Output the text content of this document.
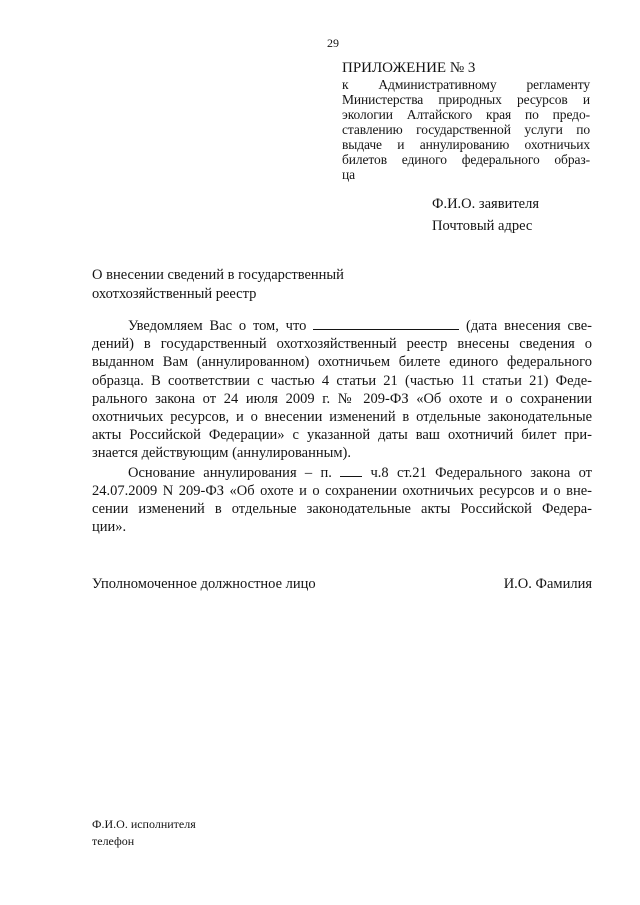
29
ПРИЛОЖЕНИЕ № 3
к Административному регламенту
Министерства природных ресурсов и
экологии Алтайского края по предо-
ставлению государственной услуги по
выдаче и аннулированию охотничьих
билетов единого федерального образ-
ца
Ф.И.О. заявителя
Почтовый адрес
О внесении сведений в государственный
охотхозяйственный реестр
Уведомляем Вас о том, что	(дата внесения све-
дений) в государственный охотхозяйственный реестр внесены сведения о
выданном Вам (аннулированном) охотничьем билете единого федерального
образца. В соответствии с частью 4 статьи 21 (частью 11 статьи 21) Феде-
рального закона от 24 июля 2009 г. № 209-ФЗ «Об охоте и о сохранении
охотничьих ресурсов, и о внесении изменений в отдельные законодательные
акты Российской Федерации» с указанной даты ваш охотничий билет при-
знается действующим (аннулированным).
Основание аннулирования – п.	ч.8 ст.21 Федерального закона от
24.07.2009 N 209-ФЗ «Об охоте и о сохранении охотничьих ресурсов и о вне-
сении изменений в отдельные законодательные акты Российской Федера-
ции».
Уполномоченное должностное лицо	И.О. Фамилия
Ф.И.О. исполнителя
телефон
